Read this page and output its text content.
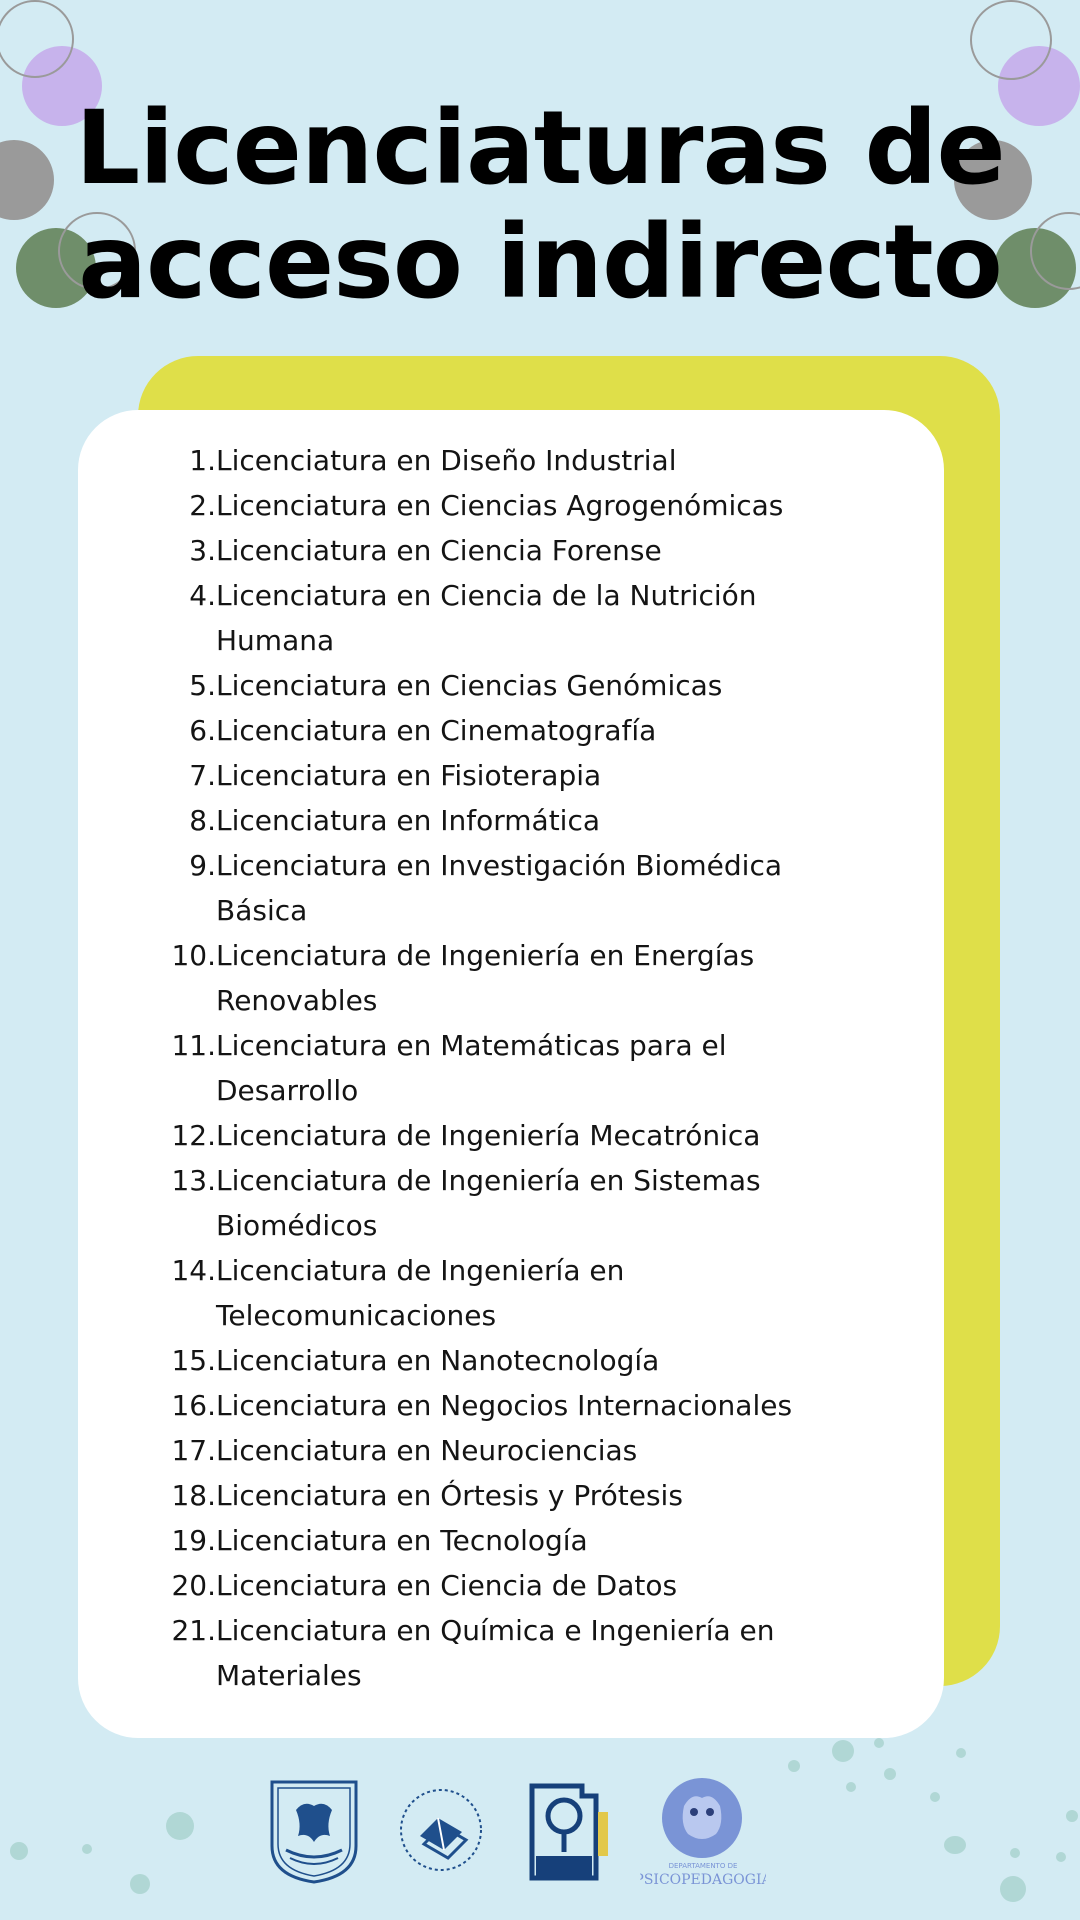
Licenciaturas de
acceso indirecto
1. Licenciatura en Diseño Industrial
2. Licenciatura en Ciencias Agrogenómicas
3. Licenciatura en Ciencia Forense
4. Licenciatura en Ciencia de la Nutrición
Humana
5. Licenciatura en Ciencias Genómicas
6. Licenciatura en Cinematografía
7. Licenciatura en Fisioterapia
8. Licenciatura en Informática
9. Licenciatura en Investigación Biomédica
Básica
10. Licenciatura de Ingeniería en Energías
Renovables
11. Licenciatura en Matemáticas para el
Desarrollo
12. Licenciatura de Ingeniería Mecatrónica
13. Licenciatura de Ingeniería en Sistemas
Biomédicos
14. Licenciatura de Ingeniería en
Telecomunicaciones
15. Licenciatura en Nanotecnología
16. Licenciatura en Negocios Internacionales
17. Licenciatura en Neurociencias
18. Licenciatura en Órtesis y Prótesis
19. Licenciatura en Tecnología
20. Licenciatura en Ciencia de Datos
21. Licenciatura en Química e Ingeniería en
Materiales
DEPARTAMENTO DE
PSICOPEDAGOGIA
